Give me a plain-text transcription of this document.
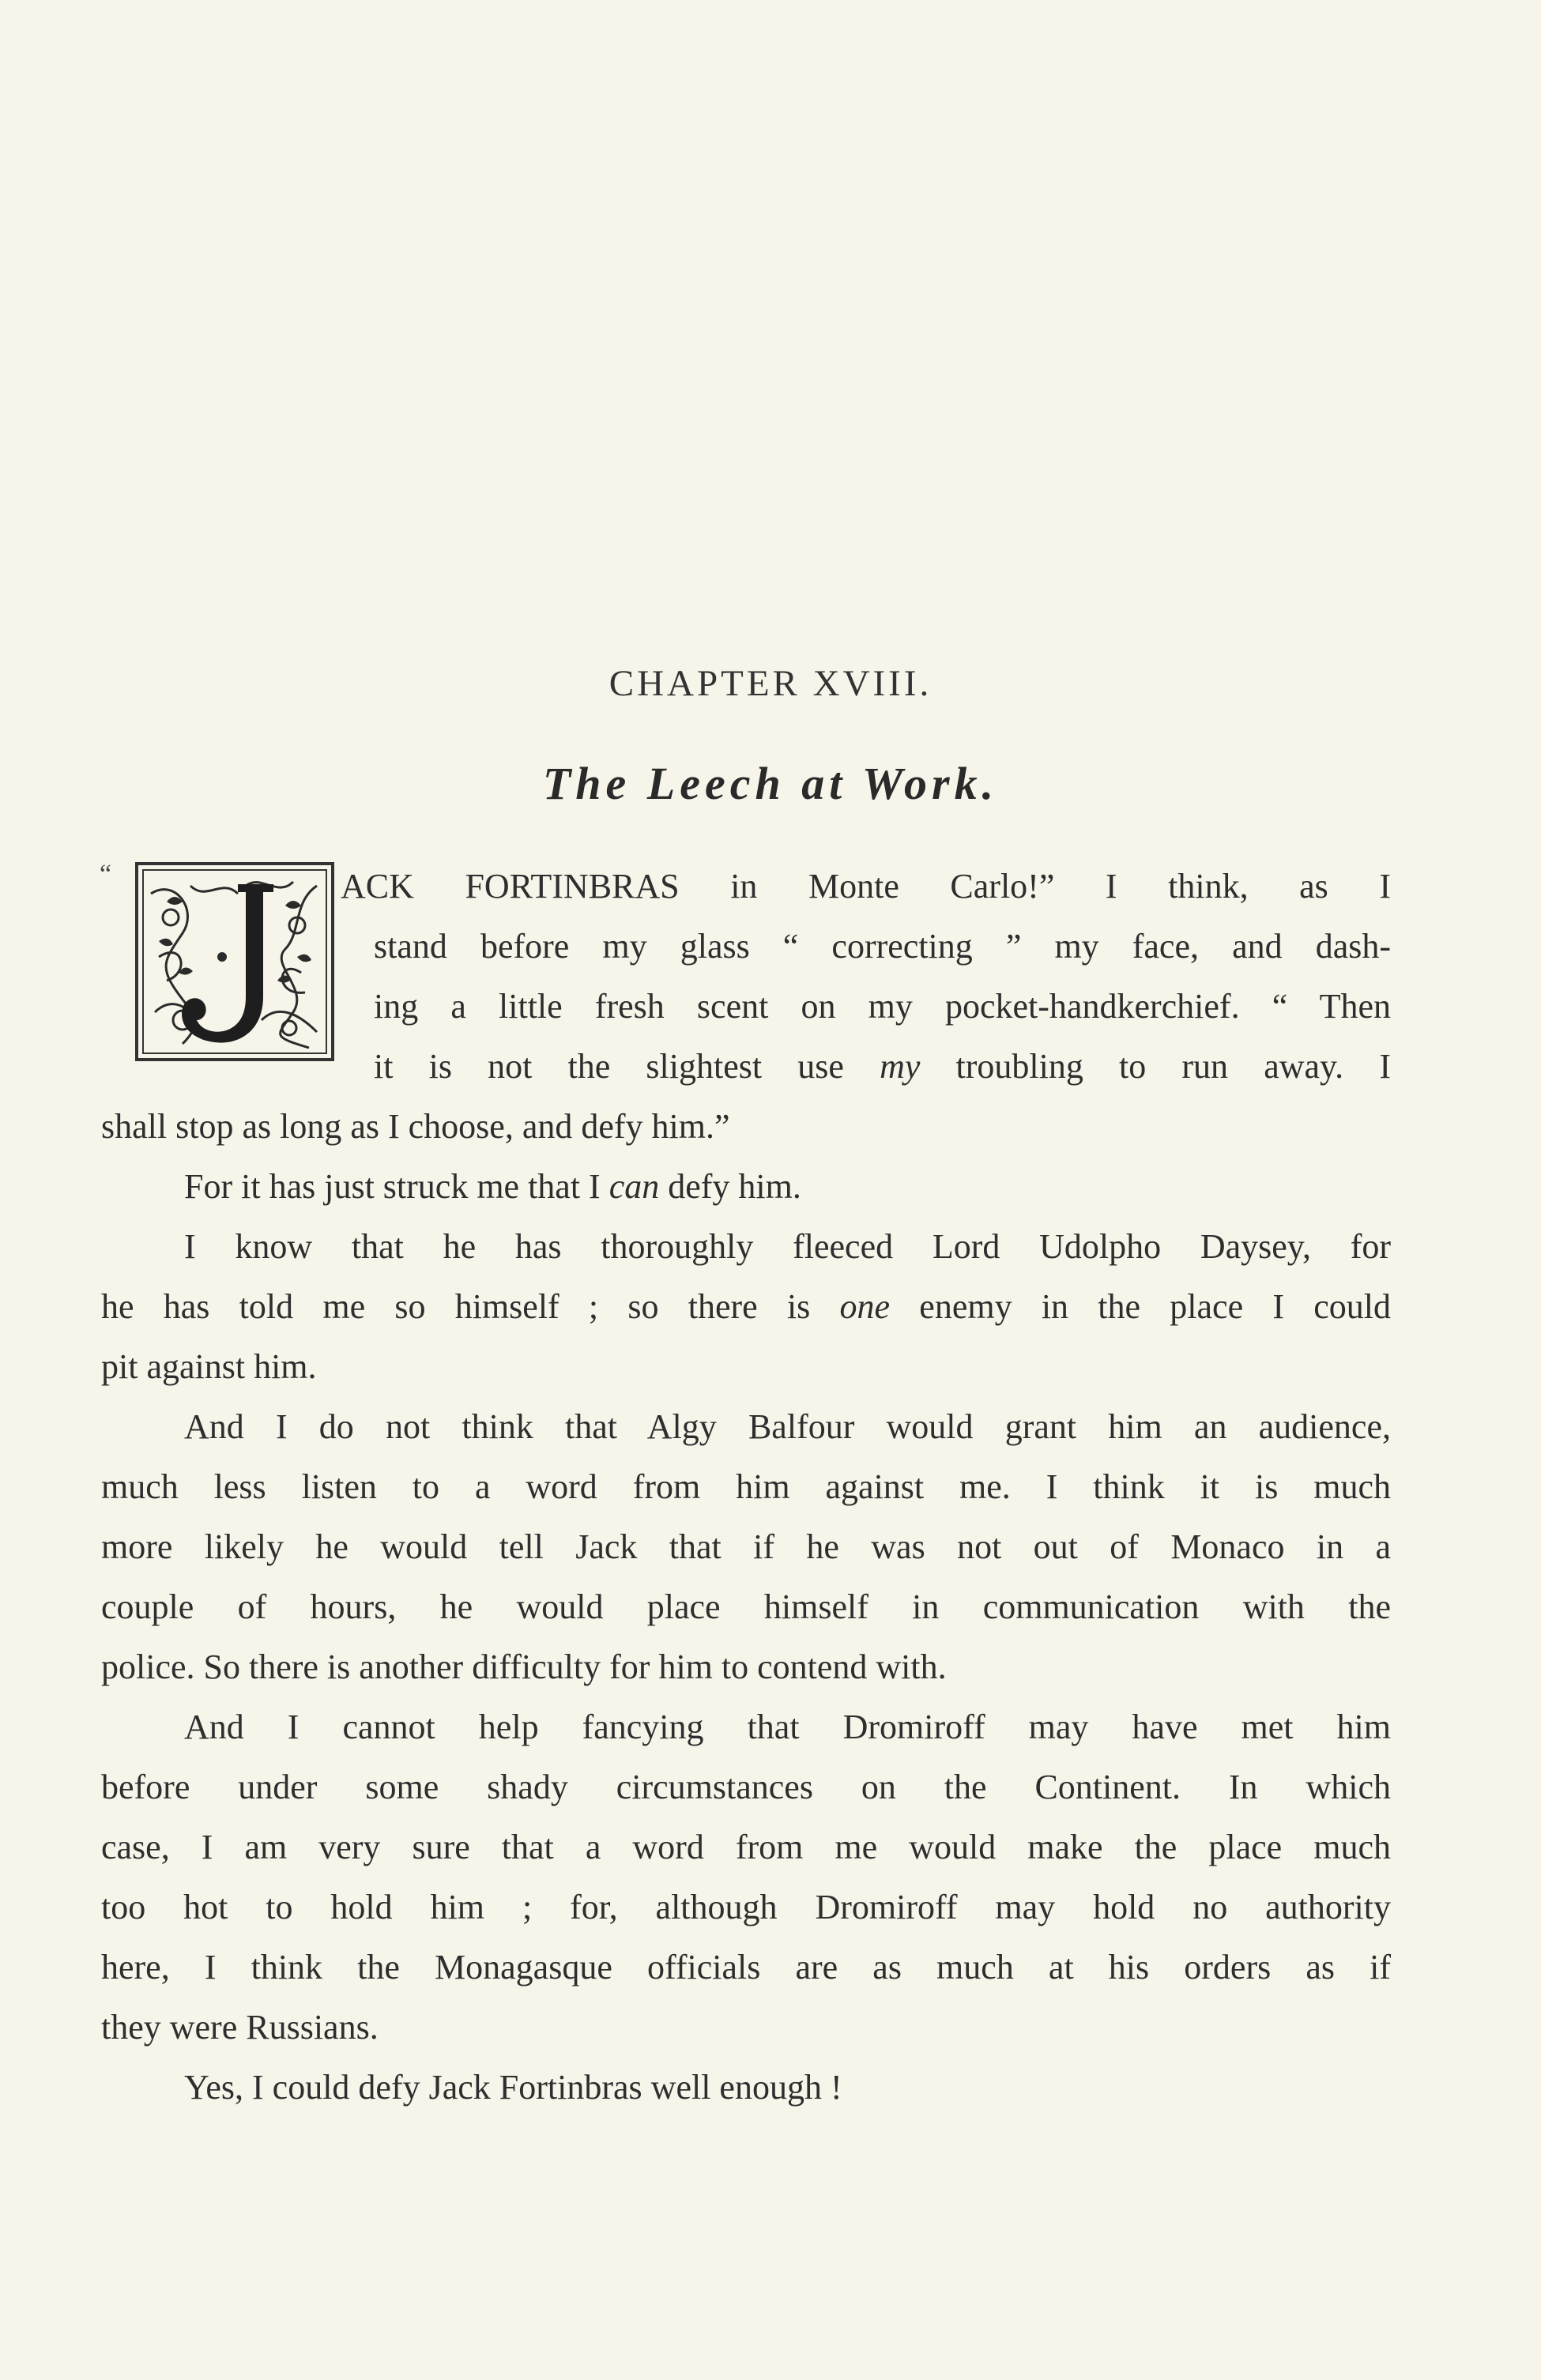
CHAPTER XVIII.
The Leech at Work.
“	ACK FORTINBRAS in Monte Carlo!” I think, as I
stand before my glass “ correcting ” my face, and dash-
ing a little fresh scent on my pocket-handkerchief. “ Then
it is not the slightest use my troubling to run away. I
shall stop as long as I choose, and defy him.”
For it has just struck me that I can defy him.
I know that he has thoroughly fleeced Lord Udolpho Daysey, for
he has told me so himself ; so there is one enemy in the place I could
pit against him.
And I do not think that Algy Balfour would grant him an audience,
much less listen to a word from him against me. I think it is much
more likely he would tell Jack that if he was not out of Monaco in a
couple of hours, he would place himself in communication with the
police. So there is another difficulty for him to contend with.
And I cannot help fancying that Dromiroff may have met him
before under some shady circumstances on the Continent. In which
case, I am very sure that a word from me would make the place much
too hot to hold him ; for, although Dromiroff may hold no authority
here, I think the Monagasque officials are as much at his orders as if
they were Russians.
Yes, I could defy Jack Fortinbras well enough !
